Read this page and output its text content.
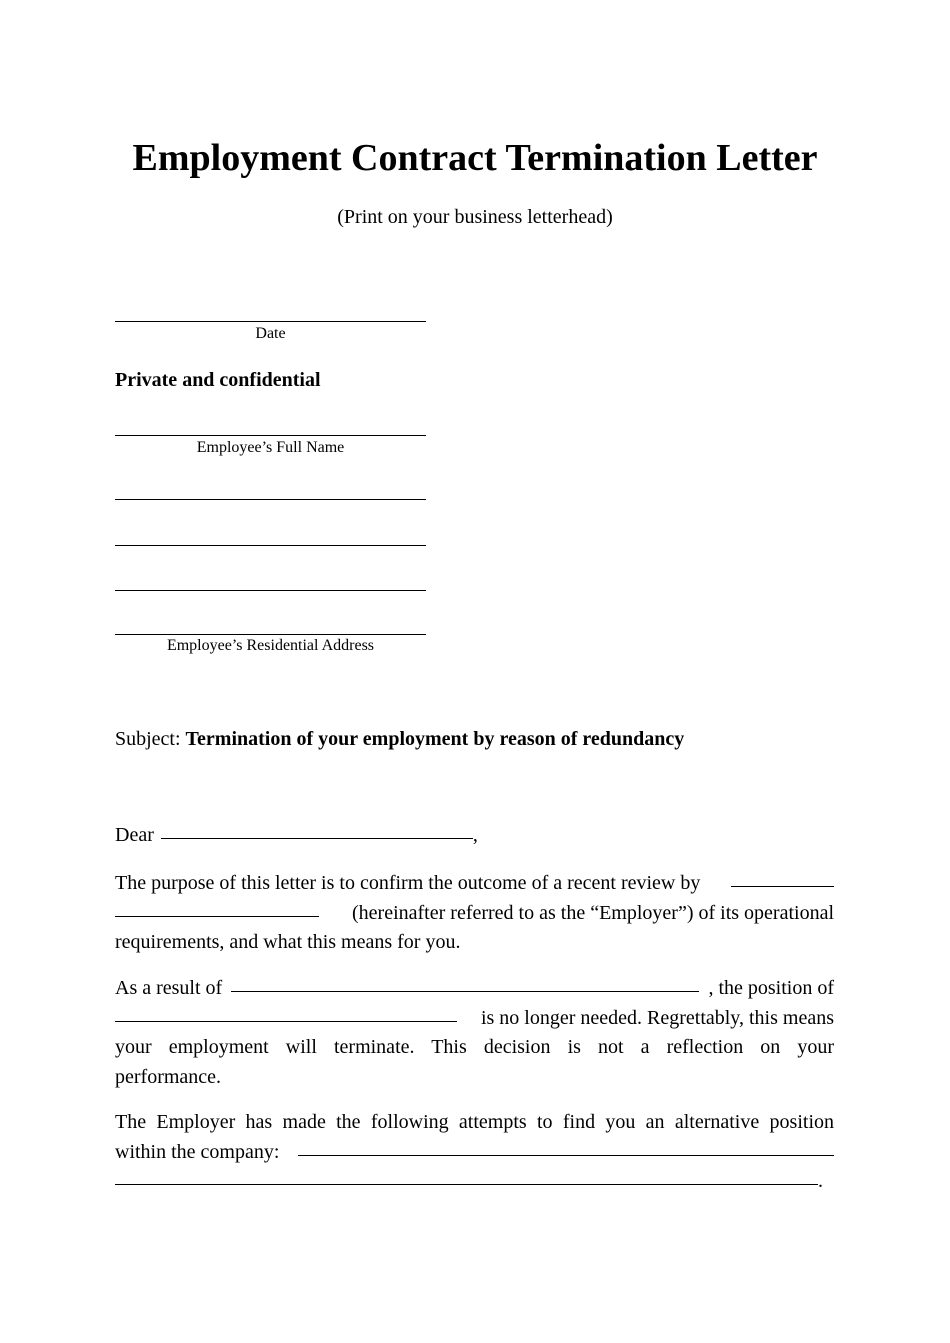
Employment Contract Termination Letter
(Print on your business letterhead)
Date
Private and confidential
Employee’s Full Name
Employee’s Residential Address
Subject: Termination of your employment by reason of redundancy
Dear	,
The purpose of this letter is to confirm the outcome of a recent review by
(hereinafter referred to as the “Employer”) of its operational
requirements, and what this means for you.
As a result of	, the position of
is no longer needed. Regrettably, this means
your employment will terminate. This decision is not a reflection on your
performance.
The Employer has made the following attempts to find you an alternative position
within the company:
.
